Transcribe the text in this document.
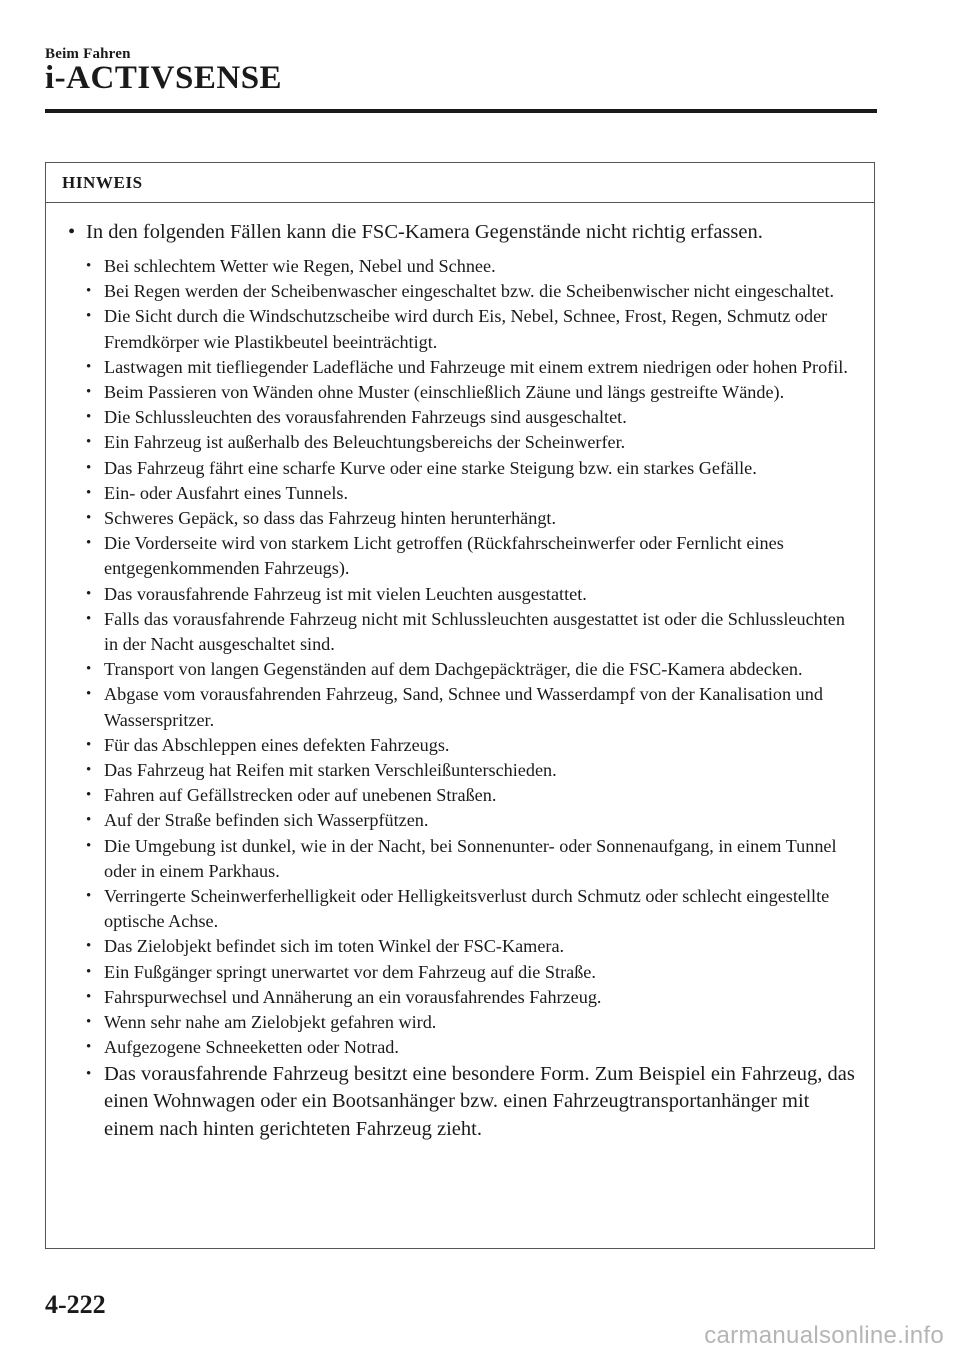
Beim Fahren
i-ACTIVSENSE
HINWEIS
• In den folgenden Fällen kann die FSC-Kamera Gegenstände nicht richtig erfassen.
• Bei schlechtem Wetter wie Regen, Nebel und Schnee.
• Bei Regen werden der Scheibenwascher eingeschaltet bzw. die Scheibenwischer nicht eingeschaltet.
• Die Sicht durch die Windschutzscheibe wird durch Eis, Nebel, Schnee, Frost, Regen, Schmutz oder Fremdkörper wie Plastikbeutel beeinträchtigt.
• Lastwagen mit tiefliegender Ladefläche und Fahrzeuge mit einem extrem niedrigen oder hohen Profil.
• Beim Passieren von Wänden ohne Muster (einschließlich Zäune und längs gestreifte Wände).
• Die Schlussleuchten des vorausfahrenden Fahrzeugs sind ausgeschaltet.
• Ein Fahrzeug ist außerhalb des Beleuchtungsbereichs der Scheinwerfer.
• Das Fahrzeug fährt eine scharfe Kurve oder eine starke Steigung bzw. ein starkes Gefälle.
• Ein- oder Ausfahrt eines Tunnels.
• Schweres Gepäck, so dass das Fahrzeug hinten herunterhängt.
• Die Vorderseite wird von starkem Licht getroffen (Rückfahrscheinwerfer oder Fernlicht eines entgegenkommenden Fahrzeugs).
• Das vorausfahrende Fahrzeug ist mit vielen Leuchten ausgestattet.
• Falls das vorausfahrende Fahrzeug nicht mit Schlussleuchten ausgestattet ist oder die Schlussleuchten in der Nacht ausgeschaltet sind.
• Transport von langen Gegenständen auf dem Dachgepäckträger, die die FSC-Kamera abdecken.
• Abgase vom vorausfahrenden Fahrzeug, Sand, Schnee und Wasserdampf von der Kanalisation und Wasserspritzer.
• Für das Abschleppen eines defekten Fahrzeugs.
• Das Fahrzeug hat Reifen mit starken Verschleißunterschieden.
• Fahren auf Gefällstrecken oder auf unebenen Straßen.
• Auf der Straße befinden sich Wasserpfützen.
• Die Umgebung ist dunkel, wie in der Nacht, bei Sonnenunter- oder Sonnenaufgang, in einem Tunnel oder in einem Parkhaus.
• Verringerte Scheinwerferhelligkeit oder Helligkeitsverlust durch Schmutz oder schlecht eingestellte optische Achse.
• Das Zielobjekt befindet sich im toten Winkel der FSC-Kamera.
• Ein Fußgänger springt unerwartet vor dem Fahrzeug auf die Straße.
• Fahrspurwechsel und Annäherung an ein vorausfahrendes Fahrzeug.
• Wenn sehr nahe am Zielobjekt gefahren wird.
• Aufgezogene Schneeketten oder Notrad.
• Das vorausfahrende Fahrzeug besitzt eine besondere Form. Zum Beispiel ein Fahrzeug, das einen Wohnwagen oder ein Bootsanhänger bzw. einen Fahrzeugtransportanhänger mit einem nach hinten gerichteten Fahrzeug zieht.
4-222
carmanualsonline.info
